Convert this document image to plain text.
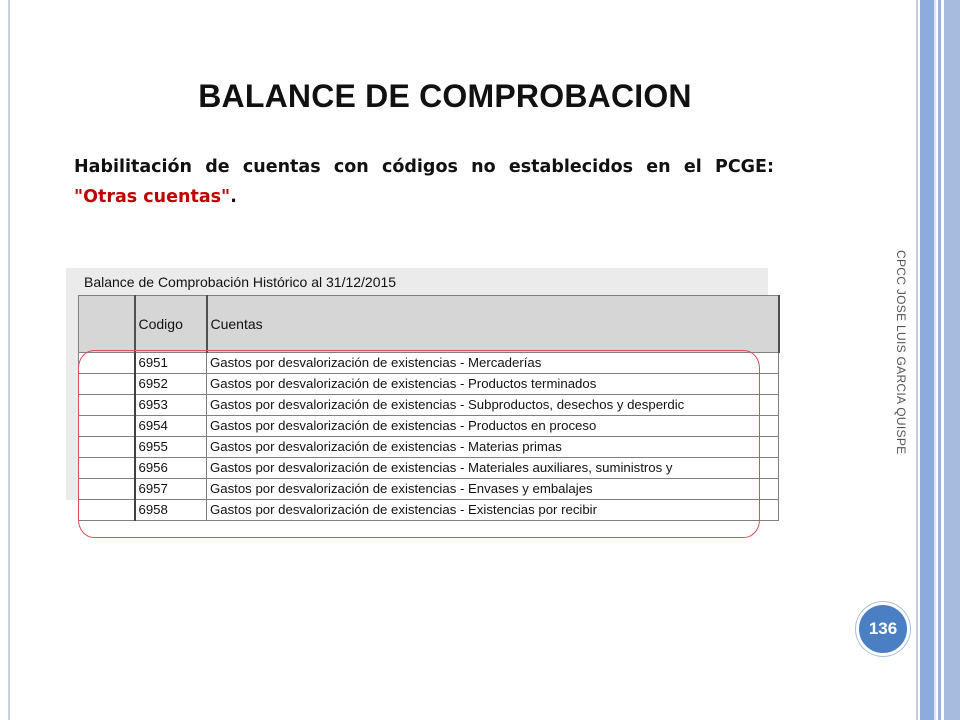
BALANCE DE COMPROBACION
Habilitación de cuentas con códigos no establecidos en el PCGE: "Otras cuentas".
CPCC JOSE LUIS GARCIA QUISPE
Balance de Comprobación Histórico al 31/12/2015
	Codigo	Cuentas
	6951	Gastos por desvalorización de existencias - Mercaderías
	6952	Gastos por desvalorización de existencias - Productos terminados
	6953	Gastos por desvalorización de existencias - Subproductos, desechos y desperdic
	6954	Gastos por desvalorización de existencias - Productos en proceso
	6955	Gastos por desvalorización de existencias - Materias primas
	6956	Gastos por desvalorización de existencias - Materiales auxiliares, suministros y
	6957	Gastos por desvalorización de existencias - Envases y embalajes
	6958	Gastos por desvalorización de existencias - Existencias por recibir
136
